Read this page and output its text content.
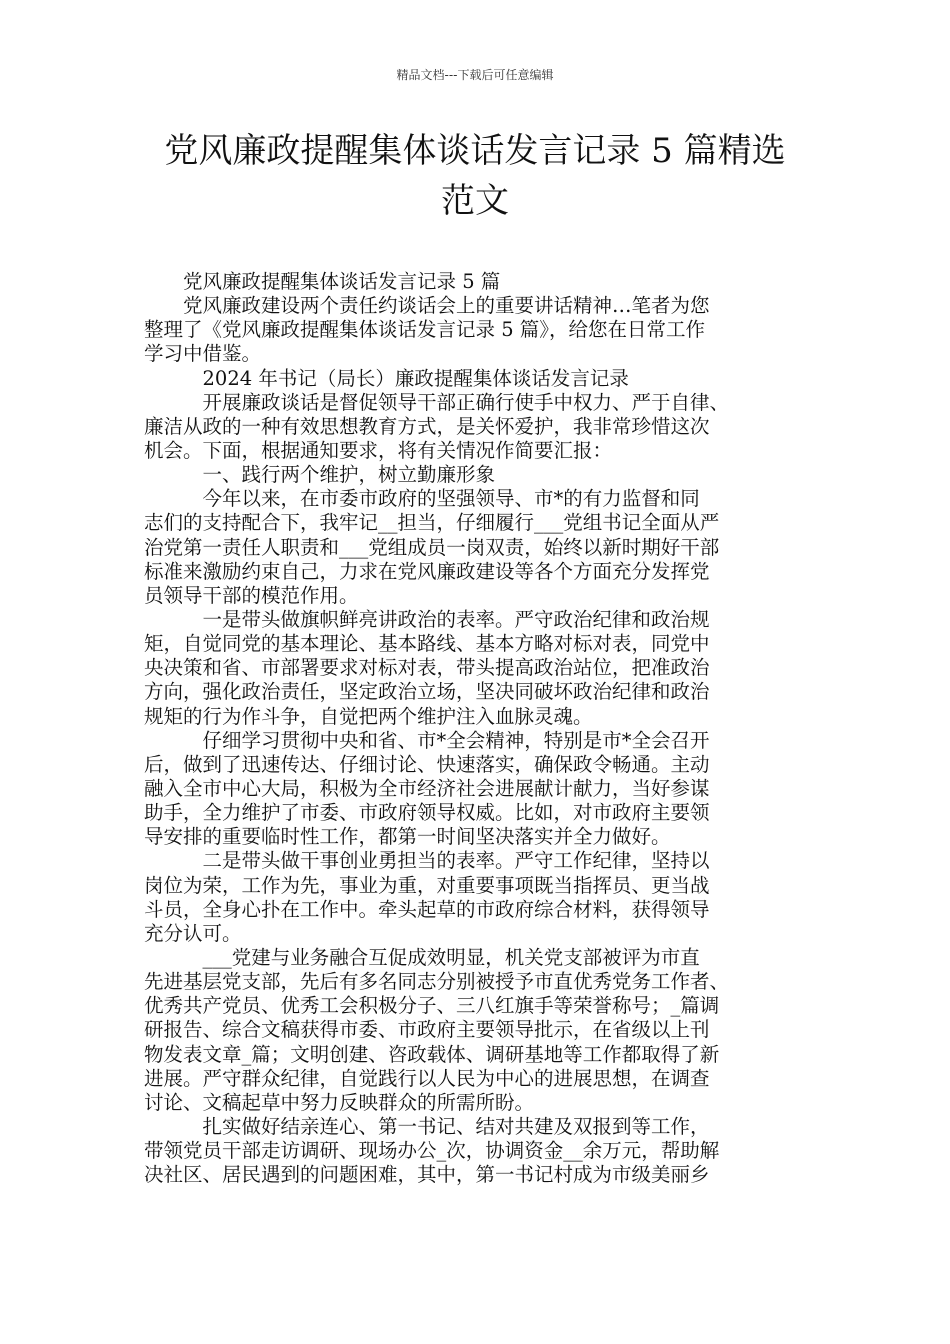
精品文档---下载后可任意编辑
党风廉政提醒集体谈话发言记录 5 篇精选
范文
　　党风廉政提醒集体谈话发言记录 5 篇
　　党风廉政建设两个责任约谈话会上的重要讲话精神…笔者为您
整理了《党风廉政提醒集体谈话发言记录 5 篇》，给您在日常工作
学习中借鉴。
　　　2024 年书记（局长）廉政提醒集体谈话发言记录
　　　开展廉政谈话是督促领导干部正确行使手中权力、严于自律、
廉洁从政的一种有效思想教育方式，是关怀爱护，我非常珍惜这次
机会。下面，根据通知要求，将有关情况作简要汇报：
　　　一、践行两个维护，树立勤廉形象
　　　今年以来，在市委市政府的坚强领导、市*的有力监督和同
志们的支持配合下，我牢记__担当，仔细履行___党组书记全面从严
治党第一责任人职责和___党组成员一岗双责，始终以新时期好干部
标准来激励约束自己，力求在党风廉政建设等各个方面充分发挥党
员领导干部的模范作用。
　　　一是带头做旗帜鲜亮讲政治的表率。严守政治纪律和政治规
矩，自觉同党的基本理论、基本路线、基本方略对标对表，同党中
央决策和省、市部署要求对标对表，带头提高政治站位，把准政治
方向，强化政治责任，坚定政治立场，坚决同破坏政治纪律和政治
规矩的行为作斗争，自觉把两个维护注入血脉灵魂。
　　　仔细学习贯彻中央和省、市*全会精神，特别是市*全会召开
后，做到了迅速传达、仔细讨论、快速落实，确保政令畅通。主动
融入全市中心大局，积极为全市经济社会进展献计献力，当好参谋
助手，全力维护了市委、市政府领导权威。比如，对市政府主要领
导安排的重要临时性工作，都第一时间坚决落实并全力做好。
　　　二是带头做干事创业勇担当的表率。严守工作纪律，坚持以
岗位为荣，工作为先，事业为重，对重要事项既当指挥员、更当战
斗员，全身心扑在工作中。牵头起草的市政府综合材料，获得领导
充分认可。
　　　___党建与业务融合互促成效明显，机关党支部被评为市直
先进基层党支部，先后有多名同志分别被授予市直优秀党务工作者、
优秀共产党员、优秀工会积极分子、三八红旗手等荣誉称号；_篇调
研报告、综合文稿获得市委、市政府主要领导批示，在省级以上刊
物发表文章_篇；文明创建、咨政载体、调研基地等工作都取得了新
进展。严守群众纪律，自觉践行以人民为中心的进展思想，在调查
讨论、文稿起草中努力反映群众的所需所盼。
　　　扎实做好结亲连心、第一书记、结对共建及双报到等工作，
带领党员干部走访调研、现场办公_次，协调资金__余万元，帮助解
决社区、居民遇到的问题困难，其中，第一书记村成为市级美丽乡
